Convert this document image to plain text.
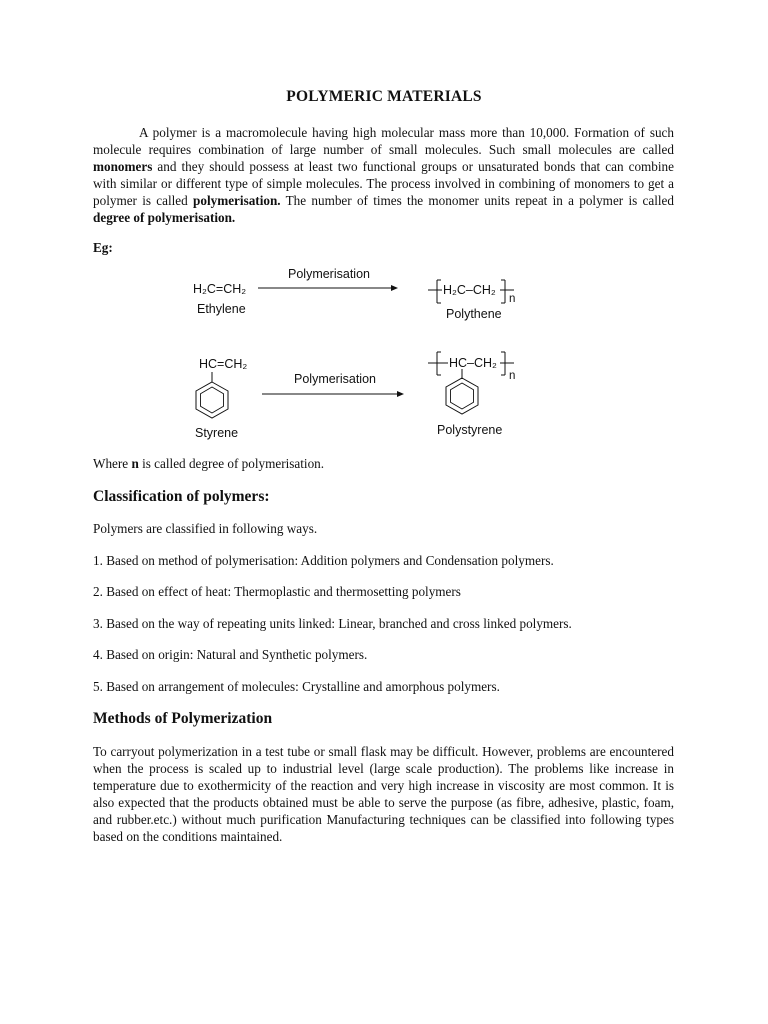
POLYMERIC MATERIALS
A polymer is a macromolecule having high molecular mass more than 10,000. Formation of such molecule requires combination of large number of small molecules. Such small molecules are called monomers and they should possess at least two functional groups or unsaturated bonds that can combine with similar or different type of simple molecules. The process involved in combining of monomers to get a polymer is called polymerisation. The number of times the monomer units repeat in a polymer is called degree of polymerisation.
Eg:
H₂C=CH₂
Ethylene
Polymerisation
H₂C–CH₂
n
Polythene
HC=CH₂
Styrene
Polymerisation
HC–CH₂
n
Polystyrene
Where n is called degree of polymerisation.
Classification of polymers:
Polymers are classified in following ways.
1. Based on method of polymerisation: Addition polymers and Condensation polymers.
2. Based on effect of heat: Thermoplastic and thermosetting polymers
3. Based on the way of repeating units linked: Linear, branched and cross linked polymers.
4. Based on origin: Natural and Synthetic polymers.
5. Based on arrangement of molecules: Crystalline and amorphous polymers.
Methods of Polymerization
To carryout polymerization in a test tube or small flask may be difficult. However, problems are encountered when the process is scaled up to industrial level (large scale production). The problems like increase in temperature due to exothermicity of the reaction and very high increase in viscosity are most common. It is also expected that the products obtained must be able to serve the purpose (as fibre, adhesive, plastic, foam, and rubber.etc.) without much purification Manufacturing techniques can be classified into following types based on the conditions maintained.
